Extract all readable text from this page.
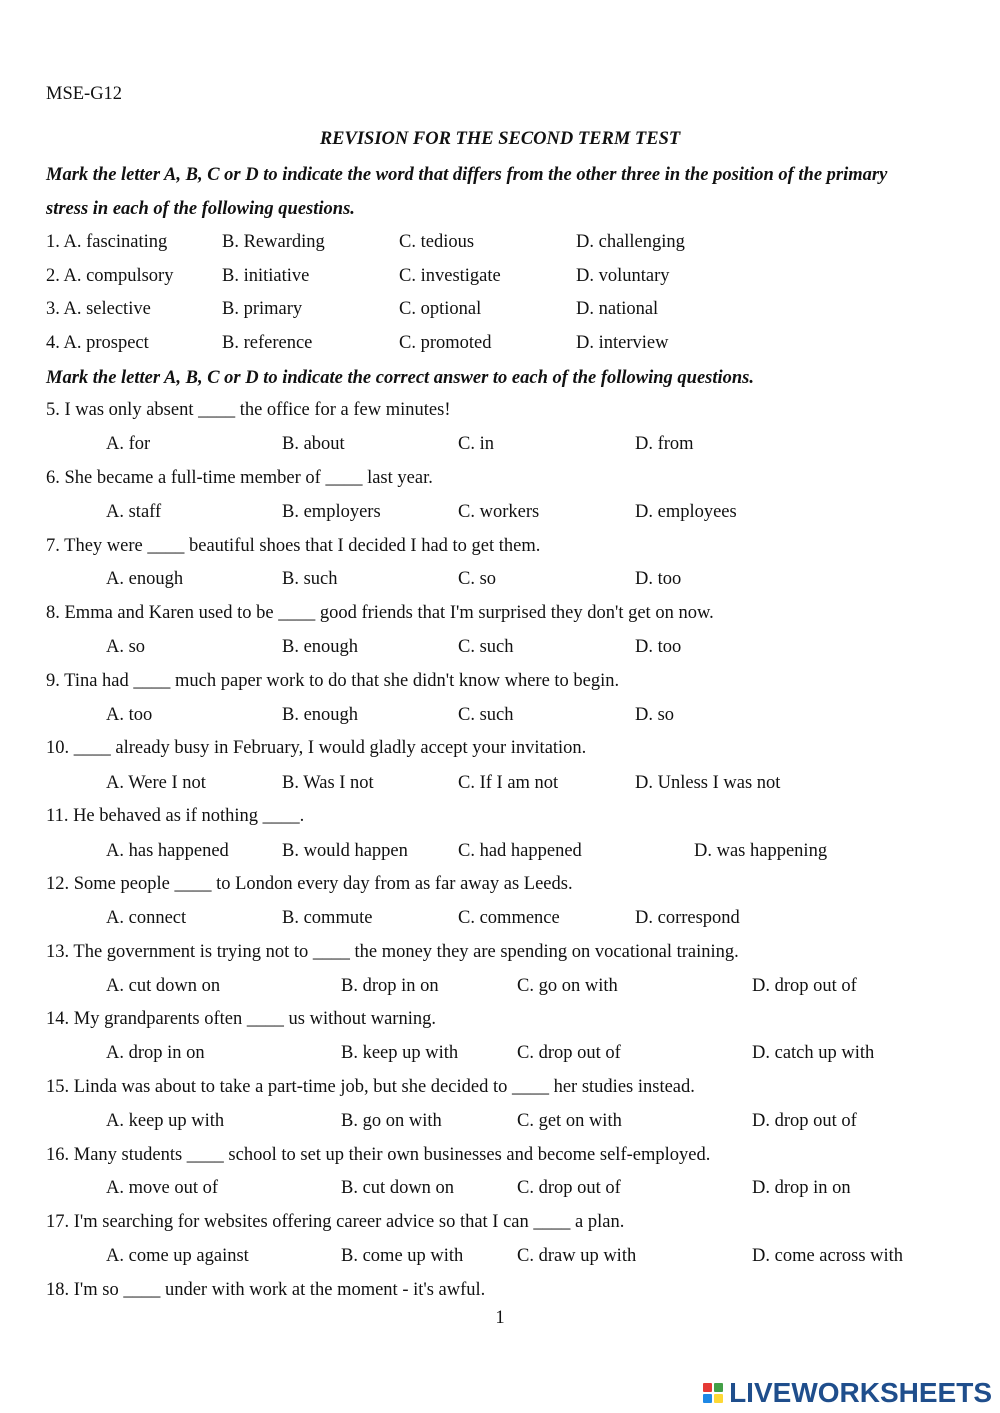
MSE-G12
REVISION FOR THE SECOND TERM TEST
Mark the letter A, B, C or D to indicate the word that differs from the other three in the position of the primary
stress in each of the following questions.
1. A. fascinating	B. Rewarding	C. tedious	D. challenging
2. A. compulsory	B. initiative	C. investigate	D. voluntary
3. A. selective	B. primary	C. optional	D. national
4. A. prospect	B. reference	C. promoted	D. interview
Mark the letter A, B, C or D to indicate the correct answer to each of the following questions.
5. I was only absent ____ the office for a few minutes!
A. for	B. about	C. in	D. from
6. She became a full-time member of ____ last year.
A. staff	B. employers	C. workers	D. employees
7. They were ____ beautiful shoes that I decided I had to get them.
A. enough	B. such	C. so	D. too
8. Emma and Karen used to be ____ good friends that I'm surprised they don't get on now.
A. so	B. enough	C. such	D. too
9. Tina had ____ much paper work to do that she didn't know where to begin.
A. too	B. enough	C. such	D. so
10. ____ already busy in February, I would gladly accept your invitation.
A. Were I not	B. Was I not	C. If I am not	D. Unless I was not
11. He behaved as if nothing ____.
A. has happened	B. would happen	C. had happened	D. was happening
12. Some people ____ to London every day from as far away as Leeds.
A. connect	B. commute	C. commence	D. correspond
13. The government is trying not to ____ the money they are spending on vocational training.
A. cut down on	B. drop in on	C. go on with	D. drop out of
14. My grandparents often ____ us without warning.
A. drop in on	B. keep up with	C. drop out of	D. catch up with
15. Linda was about to take a part-time job, but she decided to ____ her studies instead.
A. keep up with	B. go on with	C. get on with	D. drop out of
16. Many students ____ school to set up their own businesses and become self-employed.
A. move out of	B. cut down on	C. drop out of	D. drop in on
17. I'm searching for websites offering career advice so that I can ____ a plan.
A. come up against	B. come up with	C. draw up with	D. come across with
18. I'm so ____ under with work at the moment - it's awful.
1
LIVEWORKSHEETS
